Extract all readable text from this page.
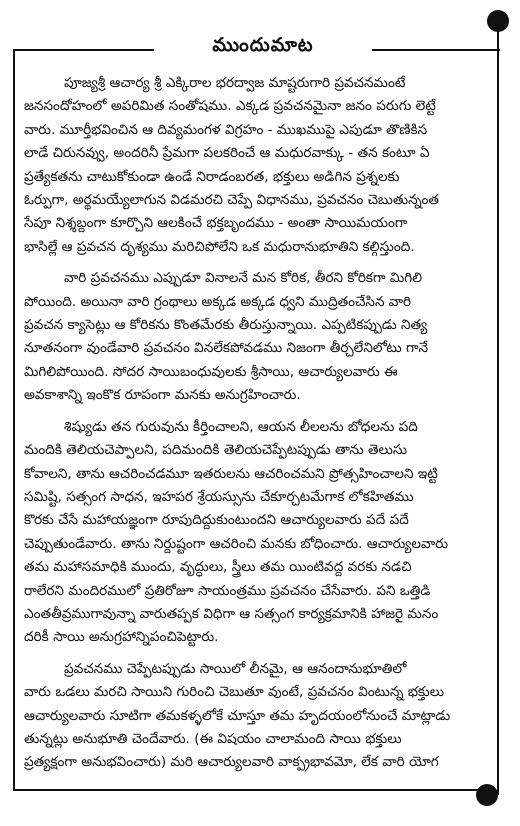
ముందుమాట
పూజ్యశ్రీ ఆచార్య శ్రీ ఎక్కిరాల భరద్వాజ మాష్టరుగారి ప్రవచనమంటే
జనసందోహంలో అపరిమిత సంతోషము. ఎక్కడ ప్రవచనమైనా జనం పరుగు లెట్టే
వారు. మూర్తీభవించిన ఆ దివ్యమంగళ విగ్రహం - ముఖముపై ఎపుడూ తొణికిస
లాడే చిరునవ్వు, అందరినీ ప్రేమగా పలకరించే ఆ మధురవాక్కు - తన కంటూ ఏ
ప్రత్యేకతను చాటుకోకుండా ఉండే నిరాడంబరత, భక్తులు అడిగిన ప్రశ్నలకు
ఓర్పుగా, అర్థమయ్యేలాగున విడమరచి చెప్పే విధానము, ప్రవచనం చెబుతున్నంత
సేపూ నిశ్శబ్దంగా కూర్చొని ఆలకించే భక్తబృందము - అంతా సాయిమయంగా
భాసిల్లే ఆ ప్రవచన దృశ్యము మరిచిపోలేని ఒక మధురానుభూతిని కల్గిస్తుంది.
వారి ప్రవచనము ఎప్పుడూ వినాలనే మన కోరిక, తీరని కోరికగా మిగిలి
పోయింది. అయినా వారి గ్రంథాలు అక్కడ అక్కడ ధ్వని ముద్రితంచేసిన వారి
ప్రవచన క్యాసెట్లు ఆ కోరికను కొంతమేరకు తీరుస్తున్నాయి. ఎప్పటికప్పుడు నిత్య
నూతనంగా వుండేవారి ప్రవచనం వినలేకపోవడము నిజంగా తీర్చలేనిలోటు గానే
మిగిలిపోయింది. సోదర సాయిబంధువులకు శ్రీసాయి, ఆచార్యులవారు ఈ
అవకాశాన్ని ఇంకొక రూపంగా మనకు అనుగ్రహించారు.
శిష్యుడు తన గురువును కీర్తించాలని, ఆయన లీలలను బోధలను పది
మందికి తెలియచెప్పాలని, పదిమందికి తెలియచెప్పేటప్పుడు తాను తెలుసు
కోవాలని, తాను ఆచరించడమూ ఇతరులను ఆచరించమని ప్రోత్సహించాలని ఇట్టి
సమిష్టి, సత్సంగ సాధన, ఇహపర శ్రేయస్సును చేకూర్చటమేగాక లోకహితము
కొరకు చేసే మహాయజ్ఞంగా రూపుదిద్దుకుంటుందని ఆచార్యులవారు పదే పదే
చెప్పుతుండేవారు. తాను నిర్దుష్టంగా ఆచరించి మనకు బోధించారు. ఆచార్యులవారు
తమ మహాసమాధికి ముందు, వృద్ధులు, స్త్రీలు తమ యింటివద్ద వరకు నడచి
రాలేరని మందిరములో ప్రతిరోజూ సాయంత్రము ప్రవచనం చేసేవారు. పని ఒత్తిడి
ఎంతతీవ్రముగావున్నా వారుతప్పక విధిగా ఆ సత్సంగ కార్యక్రమానికి హాజరై మనం
దరికీ సాయి అనుగ్రహాన్నిపంచిపెట్టారు.
ప్రవచనము చెప్పేటప్పుడు సాయిలో లీనమై, ఆ ఆనందానుభూతిలో
వారు ఒడలు మరచి సాయిని గురించి చెబుతూ వుంటే, ప్రవచనం వింటున్న భక్తులు
ఆచార్యులవారు సూటిగా తమకళ్ళలోకే చూస్తూ తమ హృదయంలోనుంచే మాట్లాడు
తున్నట్లు అనుభూతి చెందేవారు. (ఈ విషయం చాలామంది సాయి భక్తులు
ప్రత్యక్షంగా అనుభవించారు) మరి ఆచార్యులవారి వాక్ప్రభావమో, లేక వారి యోగ
